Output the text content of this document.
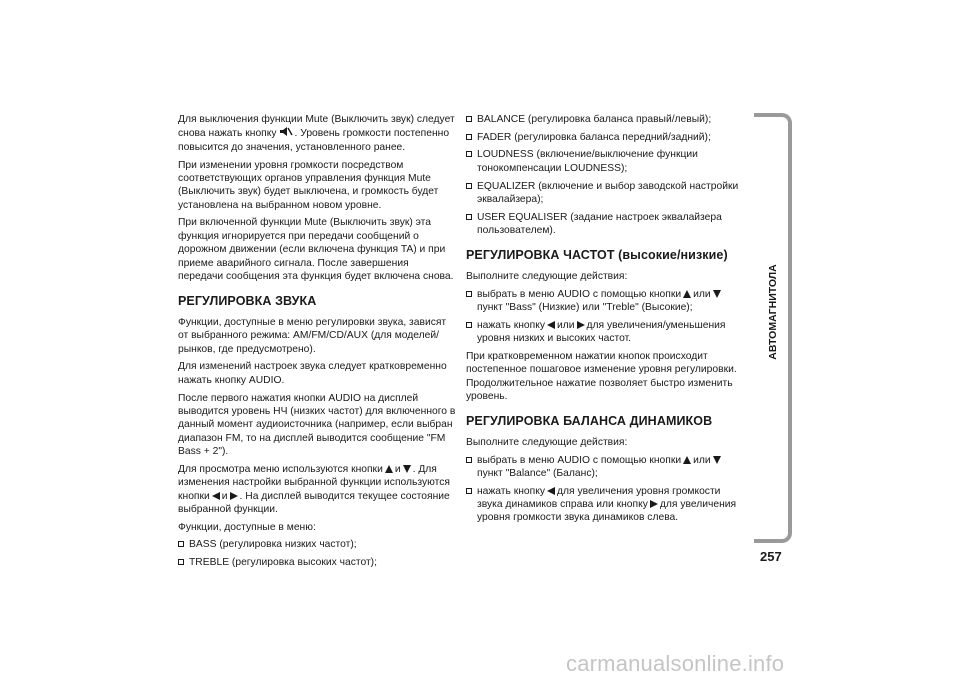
Для выключения функции Mute (Выключить звук) следует снова нажать кнопку . Уровень громкости постепенно повысится до значения, установленного ранее.

При изменении уровня громкости посредством соответствующих органов управления функция Mute (Выключить звук) будет выключена, и громкость будет установлена на выбранном новом уровне.

При включенной функции Mute (Выключить звук) эта функция игнорируется при передачи сообщений о дорожном движении (если включена функция TA) и при приеме аварийного сигнала. После завершения передачи сообщения эта функция будет включена снова.

РЕГУЛИРОВКА ЗВУКА

Функции, доступные в меню регулировки звука, зависят от выбранного режима: AM/FM/CD/AUX (для моделей/рынков, где предусмотрено).

Для изменений настроек звука следует кратковременно нажать кнопку AUDIO.

После первого нажатия кнопки AUDIO на дисплей выводится уровень НЧ (низких частот) для включенного в данный момент аудиоисточника (например, если выбран диапазон FM, то на дисплей выводится сообщение "FM Bass + 2").

Для просмотра меню используются кнопки и . Для изменения настройки выбранной функции используются кнопки и . На дисплей выводится текущее состояние выбранной функции.

Функции, доступные в меню:

BASS (регулировка низких частот);
TREBLE (регулировка высоких частот);
BALANCE (регулировка баланса правый/левый);
FADER (регулировка баланса передний/задний);
LOUDNESS (включение/выключение функции тонокомпенсации LOUDNESS);
EQUALIZER (включение и выбор заводской настройки эквалайзера);
USER EQUALISER (задание настроек эквалайзера пользователем).
РЕГУЛИРОВКА ЧАСТОТ (высокие/низкие)

Выполните следующие действия:

выбрать в меню AUDIO с помощью кнопки илипункт "Bass" (Низкие) или "Treble" (Высокие);
нажать кнопку или для увеличения/уменьшения уровня низких и высоких частот.

При кратковременном нажатии кнопок происходит постепенное пошаговое изменение уровня регулировки. Продолжительное нажатие позволяет быстро изменить уровень.

РЕГУЛИРОВКА БАЛАНСА ДИНАМИКОВ

Выполните следующие действия:

выбрать в меню AUDIO с помощью кнопки илипункт "Balance" (Баланс);
нажать кнопку для увеличения уровня громкости звука динамиков справа или кнопку для увеличения уровня громкости звука динамиков слева.
АВТОМАГНИТОЛА
257
carmanualsonline.info
